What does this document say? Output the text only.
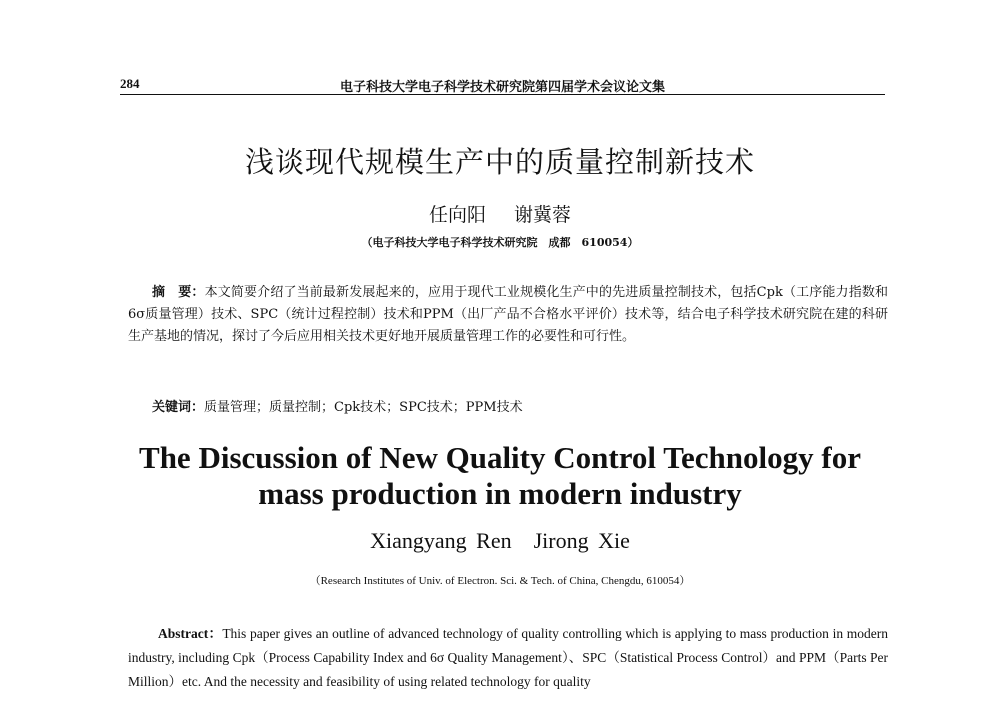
284	电子科技大学电子科学技术研究院第四届学术会议论文集
浅谈现代规模生产中的质量控制新技术
任向阳 谢冀蓉
（电子科技大学电子科学技术研究院　成都　610054）

摘　要：本文简要介绍了当前最新发展起来的，应用于现代工业规模化生产中的先进质量控制技术，包括Cpk（工序能力指数和6σ质量管理）技术、SPC（统计过程控制）技术和PPM（出厂产品不合格水平评价）技术等，结合电子科学技术研究院在建的科研生产基地的情况，探讨了今后应用相关技术更好地开展质量管理工作的必要性和可行性。

关键词：质量管理；质量控制；Cpk技术；SPC技术；PPM技术
The Discussion of New Quality Control Technology for
mass production in modern industry
Xiangyang Ren Jirong Xie
（Research Institutes of Univ. of Electron. Sci. & Tech. of China, Chengdu, 610054）

Abstract：This paper gives an outline of advanced technology of quality controlling which is applying to mass production in modern industry, including Cpk（Process Capability Index and 6σ Quality Management）、SPC（Statistical Process Control）and PPM（Parts Per Million）etc. And the necessity and feasibility of using related technology for quality
